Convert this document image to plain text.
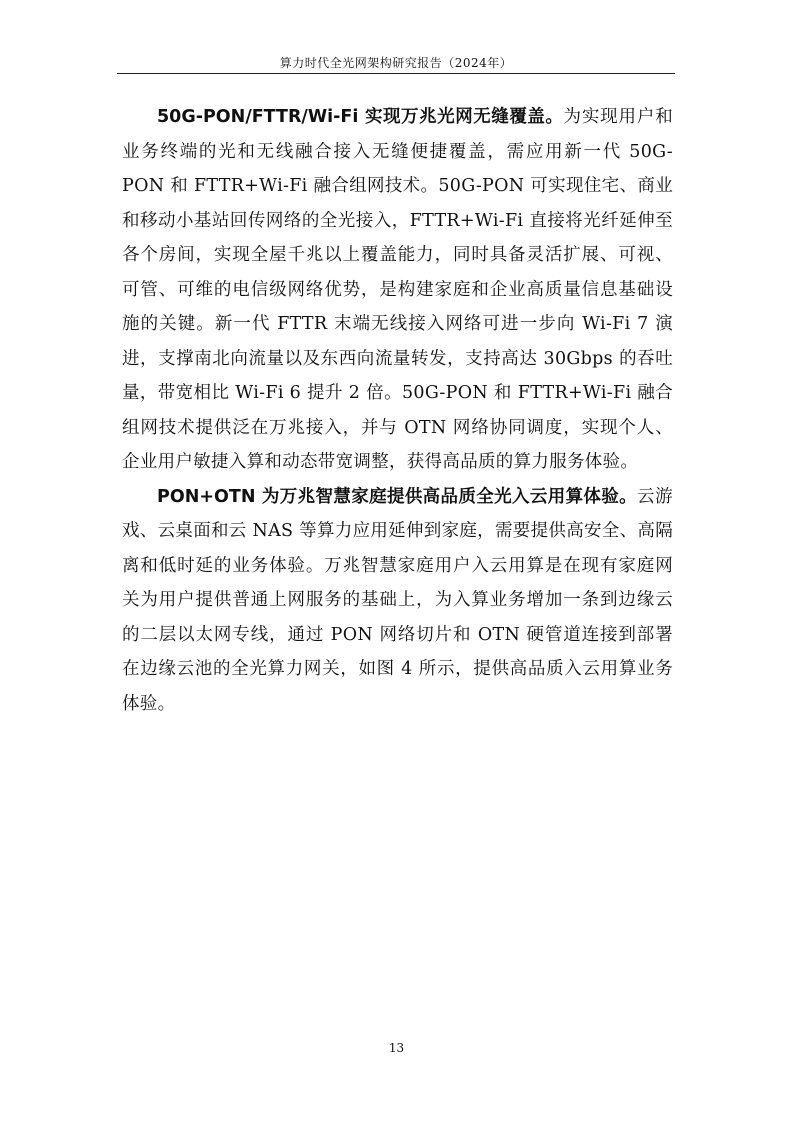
算力时代全光网架构研究报告（2024年）

50G-PON/FTTR/Wi-Fi 实现万兆光网无缝覆盖。为实现用户和业务终端的光和无线融合接入无缝便捷覆盖，需应用新一代 50G-PON 和 FTTR+Wi-Fi 融合组网技术。50G-PON 可实现住宅、商业和移动小基站回传网络的全光接入，FTTR+Wi-Fi 直接将光纤延伸至各个房间，实现全屋千兆以上覆盖能力，同时具备灵活扩展、可视、可管、可维的电信级网络优势，是构建家庭和企业高质量信息基础设施的关键。新一代 FTTR 末端无线接入网络可进一步向 Wi-Fi 7 演进，支撑南北向流量以及东西向流量转发，支持高达 30Gbps 的吞吐量，带宽相比 Wi-Fi 6 提升 2 倍。50G-PON 和 FTTR+Wi-Fi 融合组网技术提供泛在万兆接入，并与 OTN 网络协同调度，实现个人、企业用户敏捷入算和动态带宽调整，获得高品质的算力服务体验。

PON+OTN 为万兆智慧家庭提供高品质全光入云用算体验。云游戏、云桌面和云 NAS 等算力应用延伸到家庭，需要提供高安全、高隔离和低时延的业务体验。万兆智慧家庭用户入云用算是在现有家庭网关为用户提供普通上网服务的基础上，为入算业务增加一条到边缘云的二层以太网专线，通过 PON 网络切片和 OTN 硬管道连接到部署在边缘云池的全光算力网关，如图 4 所示，提供高品质入云用算业务体验。

13
